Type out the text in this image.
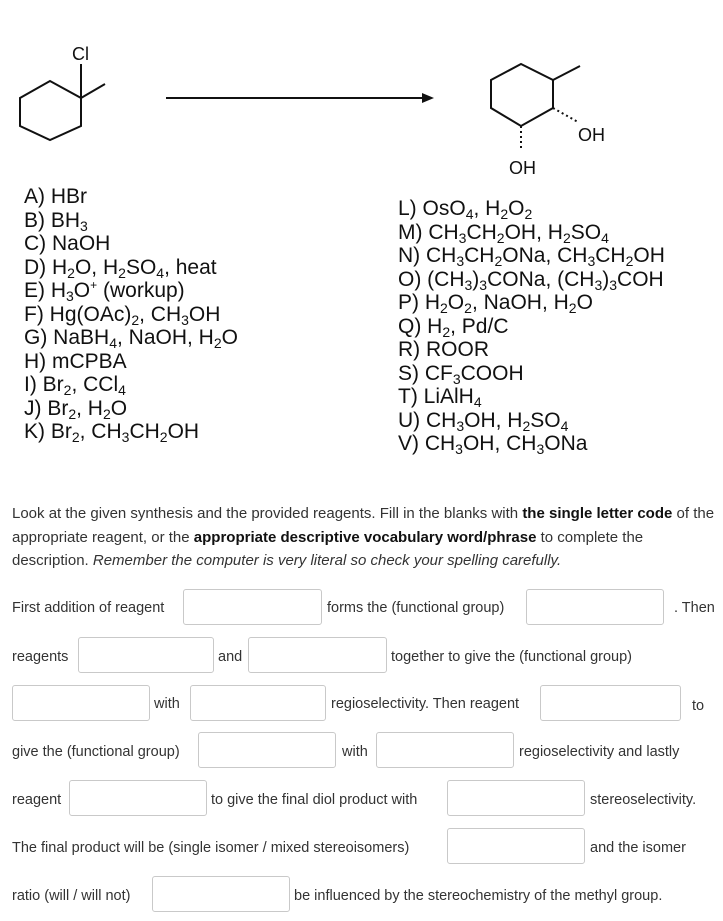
Cl
OH
OH
A) HBr
B) $BH_3$
C) NaOH
D) $H_2O$, $H_2SO_4$, heat
E) $H_3O^+$ (workup)
F) $Hg(OAc)_2$, $CH_3OH$
G) NaBH$_4$, NaOH, $H_2O$
H) mCPBA
I) $Br_2$, CCl$_4$
J) $Br_2$, $H_2O$
K) $Br_2$, $CH_3CH_2OH$
L) OsO$_4$, $H_2O_2$
M) $CH_3CH_2OH$, $H_2SO_4$
N) $CH_3CH_2ONa$, $CH_3CH_2OH$
O) $(CH_3)_3CONa$, $(CH_3)_3COH$
P) $H_2O_2$, NaOH, $H_2O$
Q) $H_2$, Pd/C
R) ROOR
S) $CF_3COOH$
T) LiAlH$_4$
U) $CH_3OH$, $H_2SO_4$
V) $CH_3OH$, $CH_3ONa$
Look at the given synthesis and the provided reagents. Fill in the blanks with the single letter code of the appropriate reagent, or the appropriate descriptive vocabulary word/phrase to complete the description. Remember the computer is very literal so check your spelling carefully.
First addition of reagent	forms the (functional group)	. Then
reagents	and	together to give the (functional group)
with	regioselectivity. Then reagent	to
give the (functional group)	with	regioselectivity and lastly
reagent	to give the final diol product with	stereoselectivity.
The final product will be (single isomer / mixed stereoisomers)	and the isomer
ratio (will / will not)	be influenced by the stereochemistry of the methyl group.
